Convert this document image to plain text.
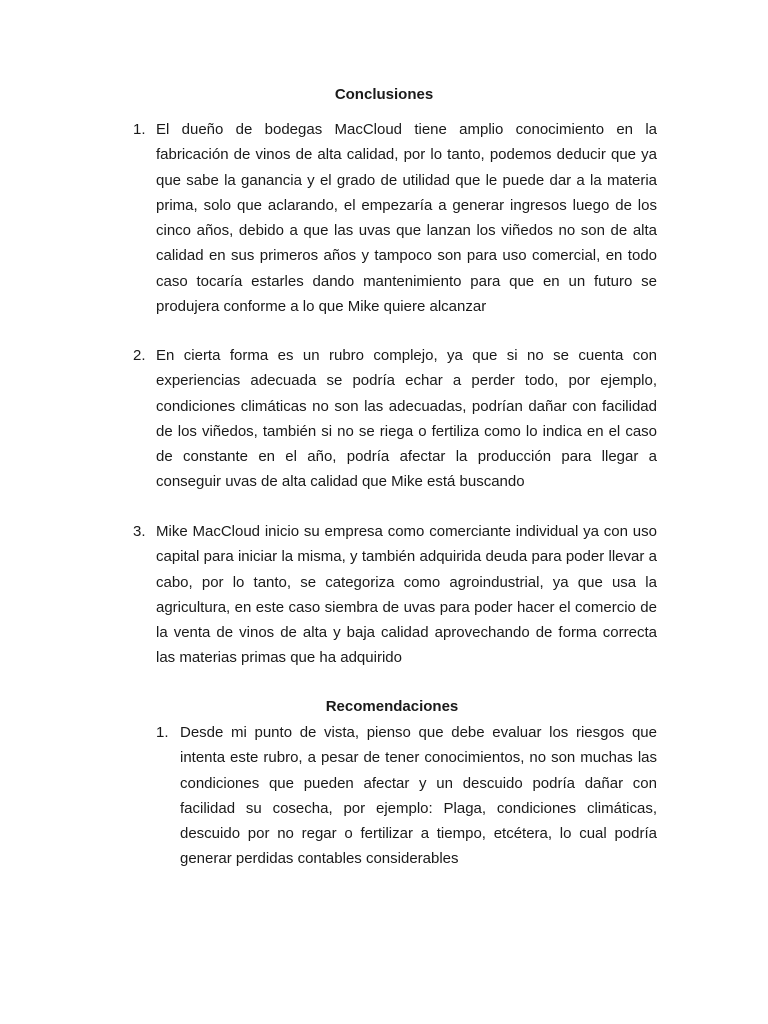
Conclusiones
1. El dueño de bodegas MacCloud tiene amplio conocimiento en la fabricación de vinos de alta calidad, por lo tanto, podemos deducir que ya que sabe la ganancia y el grado de utilidad que le puede dar a la materia prima, solo que aclarando, el empezaría a generar ingresos luego de los cinco años, debido a que las uvas que lanzan los viñedos no son de alta calidad en sus primeros años y tampoco son para uso comercial, en todo caso tocaría estarles dando mantenimiento para que en un futuro se produjera conforme a lo que Mike quiere alcanzar

2. En cierta forma es un rubro complejo, ya que si no se cuenta con experiencias adecuada se podría echar a perder todo, por ejemplo, condiciones climáticas no son las adecuadas, podrían dañar con facilidad de los viñedos, también si no se riega o fertiliza como lo indica en el caso de constante en el año, podría afectar la producción para llegar a conseguir uvas de alta calidad que Mike está buscando

3. Mike MacCloud inicio su empresa como comerciante individual ya con uso capital para iniciar la misma, y también adquirida deuda para poder llevar a cabo, por lo tanto, se categoriza como agroindustrial, ya que usa la agricultura, en este caso siembra de uvas para poder hacer el comercio de la venta de vinos de alta y baja calidad aprovechando de forma correcta las materias primas que ha adquirido

Recomendaciones
1. Desde mi punto de vista, pienso que debe evaluar los riesgos que intenta este rubro, a pesar de tener conocimientos, no son muchas las condiciones que pueden afectar y un descuido podría dañar con facilidad su cosecha, por ejemplo: Plaga, condiciones climáticas, descuido por no regar o fertilizar a tiempo, etcétera, lo cual podría generar perdidas contables considerables
